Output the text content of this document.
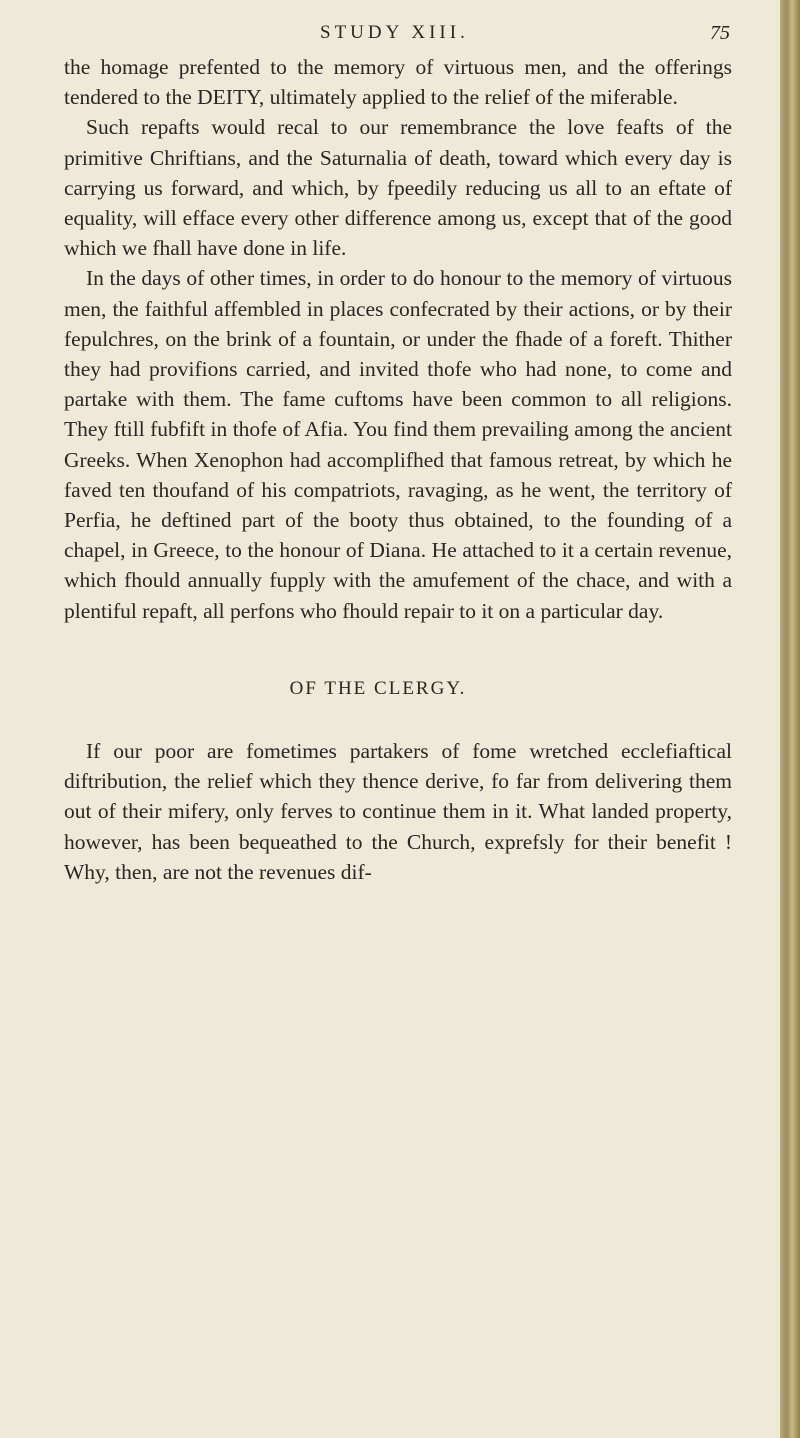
STUDY XIII.	75

the homage prefented to the memory of virtuous men, and the offerings tendered to the DEITY, ultimately applied to the relief of the miferable.

Such repafts would recal to our remembrance the love feafts of the primitive Chriftians, and the Saturnalia of death, toward which every day is carrying us forward, and which, by fpeedily reducing us all to an eftate of equality, will efface every other difference among us, except that of the good which we fhall have done in life.

In the days of other times, in order to do honour to the memory of virtuous men, the faithful affembled in places confecrated by their actions, or by their fepulchres, on the brink of a fountain, or under the fhade of a foreft. Thither they had provifions carried, and invited thofe who had none, to come and partake with them. The fame cuftoms have been common to all religions. They ftill fubfift in thofe of Afia. You find them prevailing among the ancient Greeks. When Xenophon had accomplifhed that famous retreat, by which he faved ten thoufand of his compatriots, ravaging, as he went, the territory of Perfia, he deftined part of the booty thus obtained, to the founding of a chapel, in Greece, to the honour of Diana. He attached to it a certain revenue, which fhould annually fupply with the amufement of the chace, and with a plentiful repaft, all perfons who fhould repair to it on a particular day.

OF THE CLERGY.

If our poor are fometimes partakers of fome wretched ecclefiaftical diftribution, the relief which they thence derive, fo far from delivering them out of their mifery, only ferves to continue them in it. What landed property, however, has been bequeathed to the Church, exprefsly for their benefit ! Why, then, are not the revenues dif-
